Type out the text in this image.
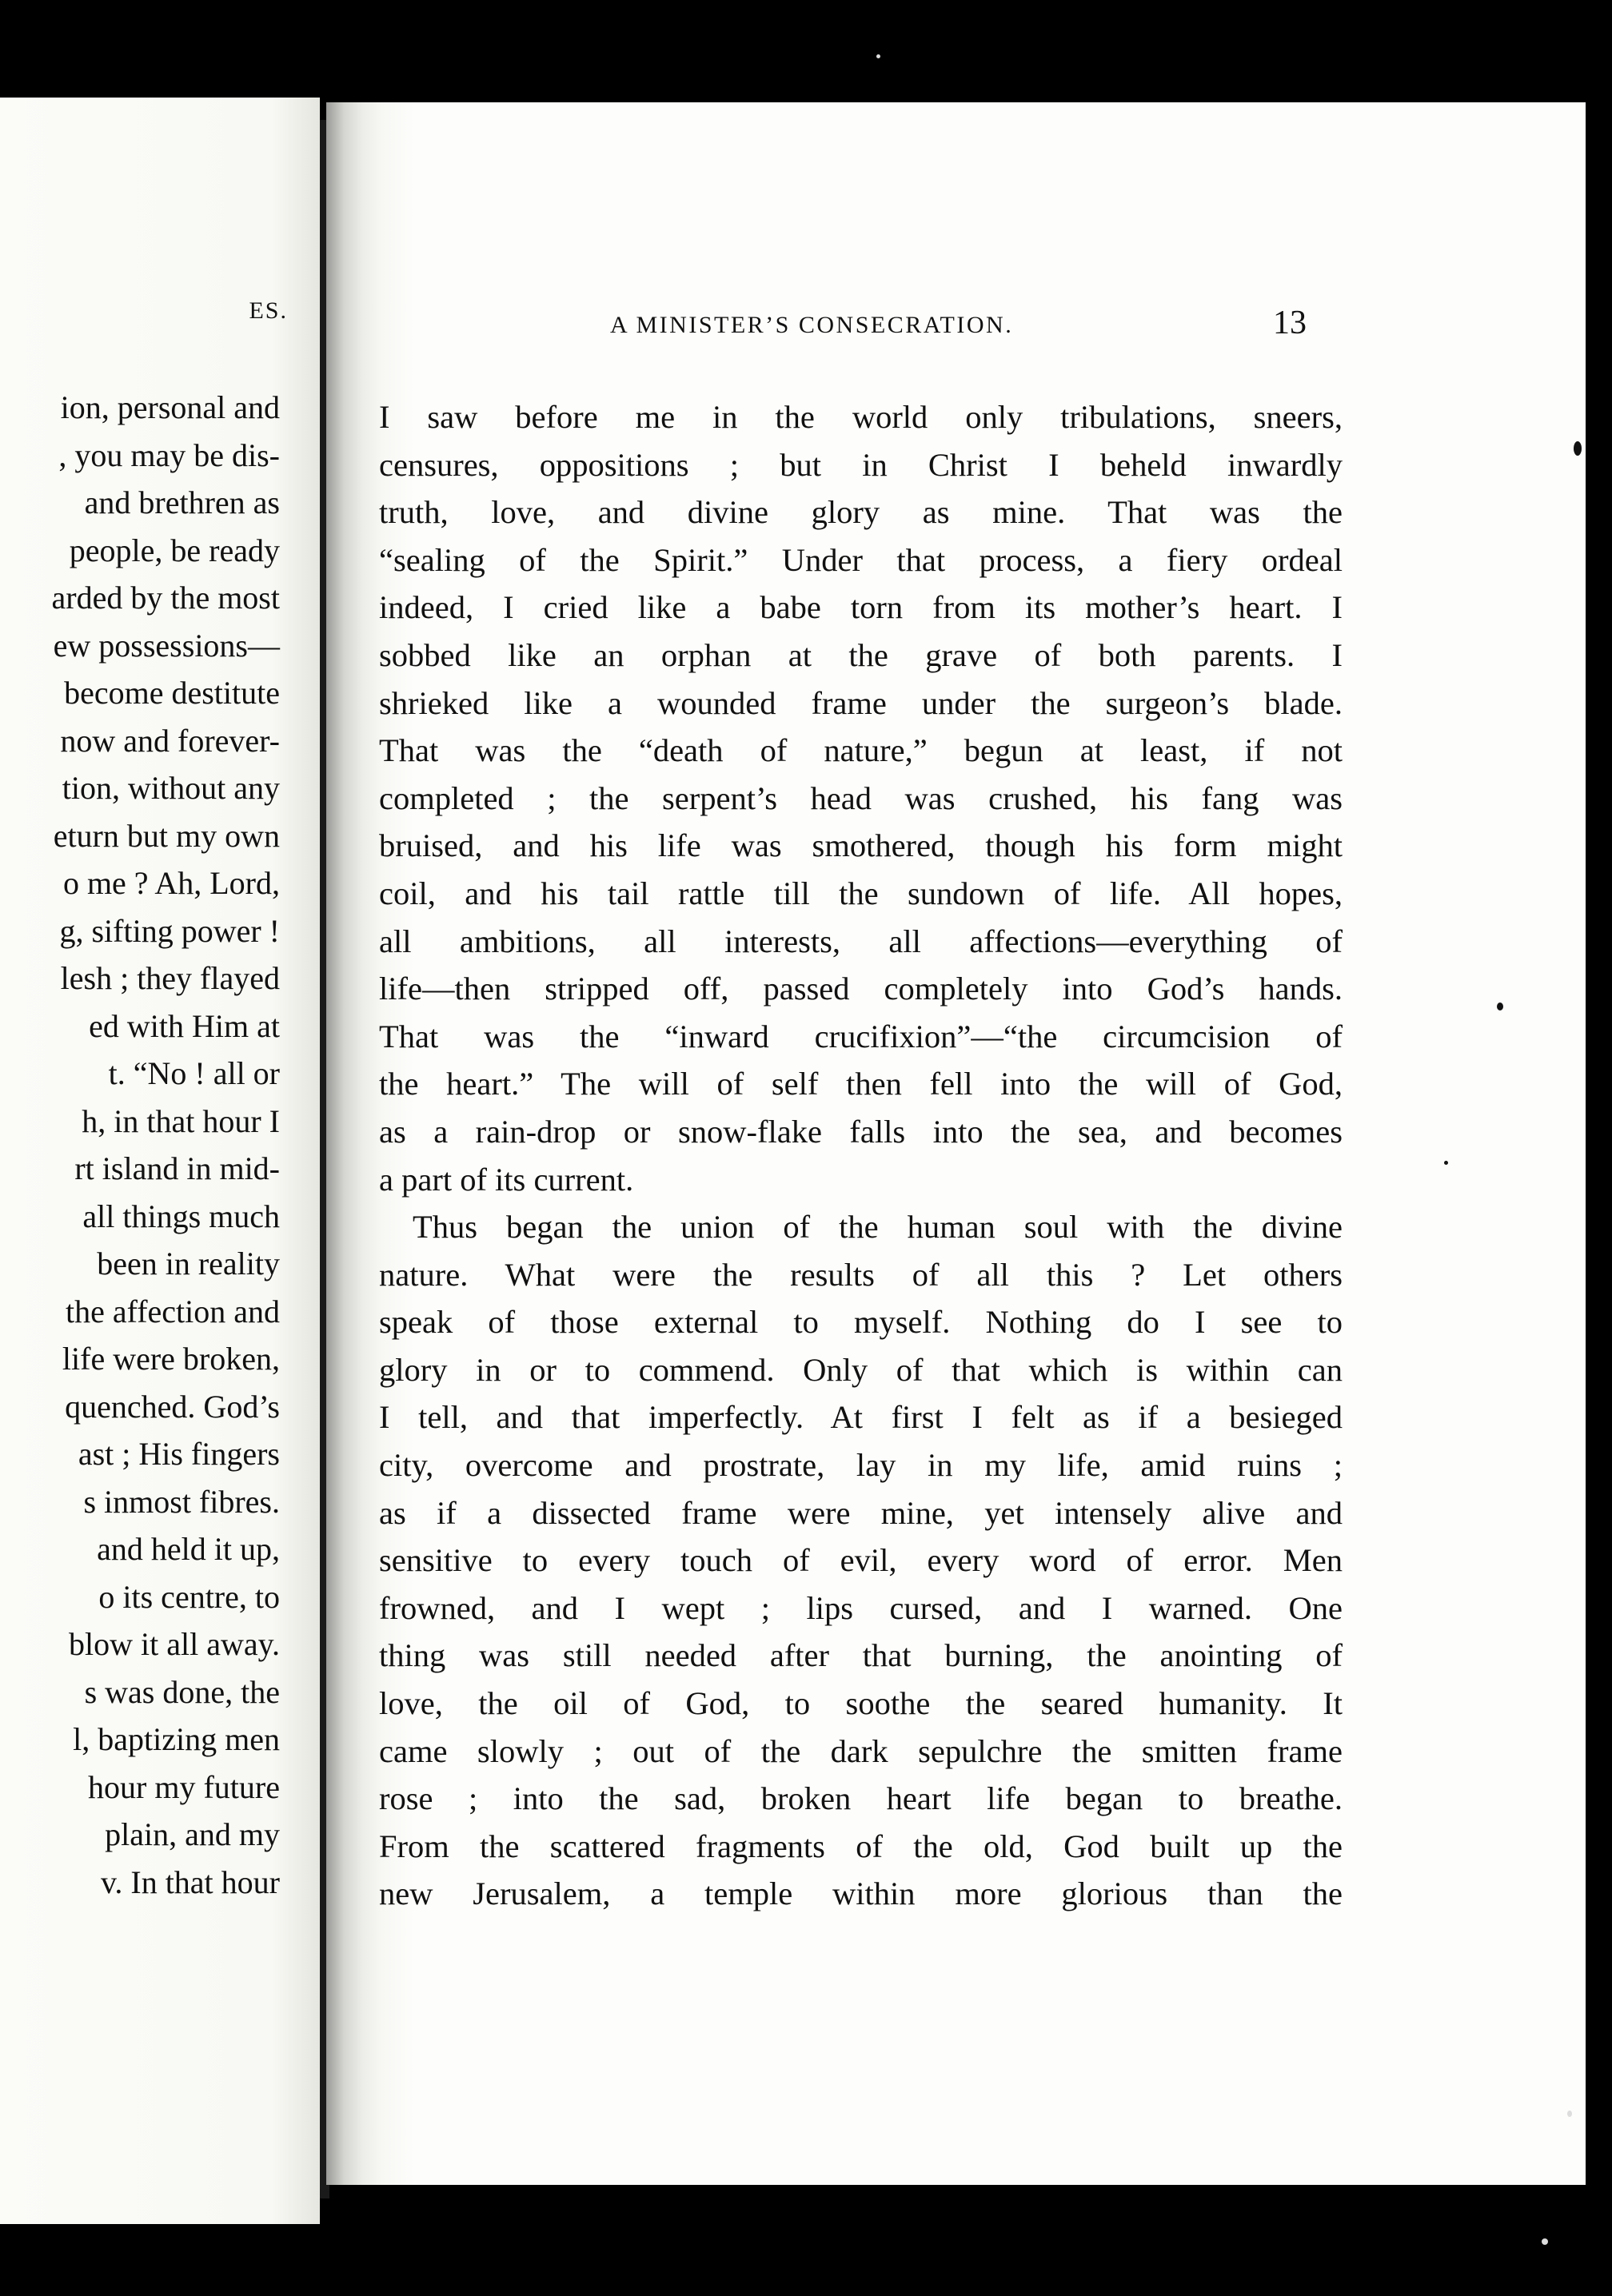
ES.
ion, personal and
, you may be dis-
and brethren as
people, be ready
arded by the most
ew possessions—
become destitute
now and forever-
tion, without any
eturn but my own
o me ? Ah, Lord,
g, sifting power !
lesh ; they flayed
ed with Him at
t. “No ! all or
h, in that hour I
rt island in mid-
all things much
been in reality
the affection and
life were broken,
quenched. God’s
ast ; His fingers
s inmost fibres.
and held it up,
o its centre, to
blow it all away.
s was done, the
l, baptizing men
hour my future
plain, and my
v. In that hour
A MINISTER’S CONSECRATION.	13
I saw before me in the world only tribulations, sneers,
censures, oppositions ; but in Christ I beheld inwardly
truth, love, and divine glory as mine. That was the
“sealing of the Spirit.” Under that process, a fiery ordeal
indeed, I cried like a babe torn from its mother’s heart. I
sobbed like an orphan at the grave of both parents. I
shrieked like a wounded frame under the surgeon’s blade.
That was the “death of nature,” begun at least, if not
completed ; the serpent’s head was crushed, his fang was
bruised, and his life was smothered, though his form might
coil, and his tail rattle till the sundown of life. All hopes,
all ambitions, all interests, all affections—everything of
life—then stripped off, passed completely into God’s hands.
That was the “inward crucifixion”—“the circumcision of
the heart.” The will of self then fell into the will of God,
as a rain-drop or snow-flake falls into the sea, and becomes
a part of its current.
Thus began the union of the human soul with the divine
nature. What were the results of all this ? Let others
speak of those external to myself. Nothing do I see to
glory in or to commend. Only of that which is within can
I tell, and that imperfectly. At first I felt as if a besieged
city, overcome and prostrate, lay in my life, amid ruins ;
as if a dissected frame were mine, yet intensely alive and
sensitive to every touch of evil, every word of error. Men
frowned, and I wept ; lips cursed, and I warned. One
thing was still needed after that burning, the anointing of
love, the oil of God, to soothe the seared humanity. It
came slowly ; out of the dark sepulchre the smitten frame
rose ; into the sad, broken heart life began to breathe.
From the scattered fragments of the old, God built up the
new Jerusalem, a temple within more glorious than the
